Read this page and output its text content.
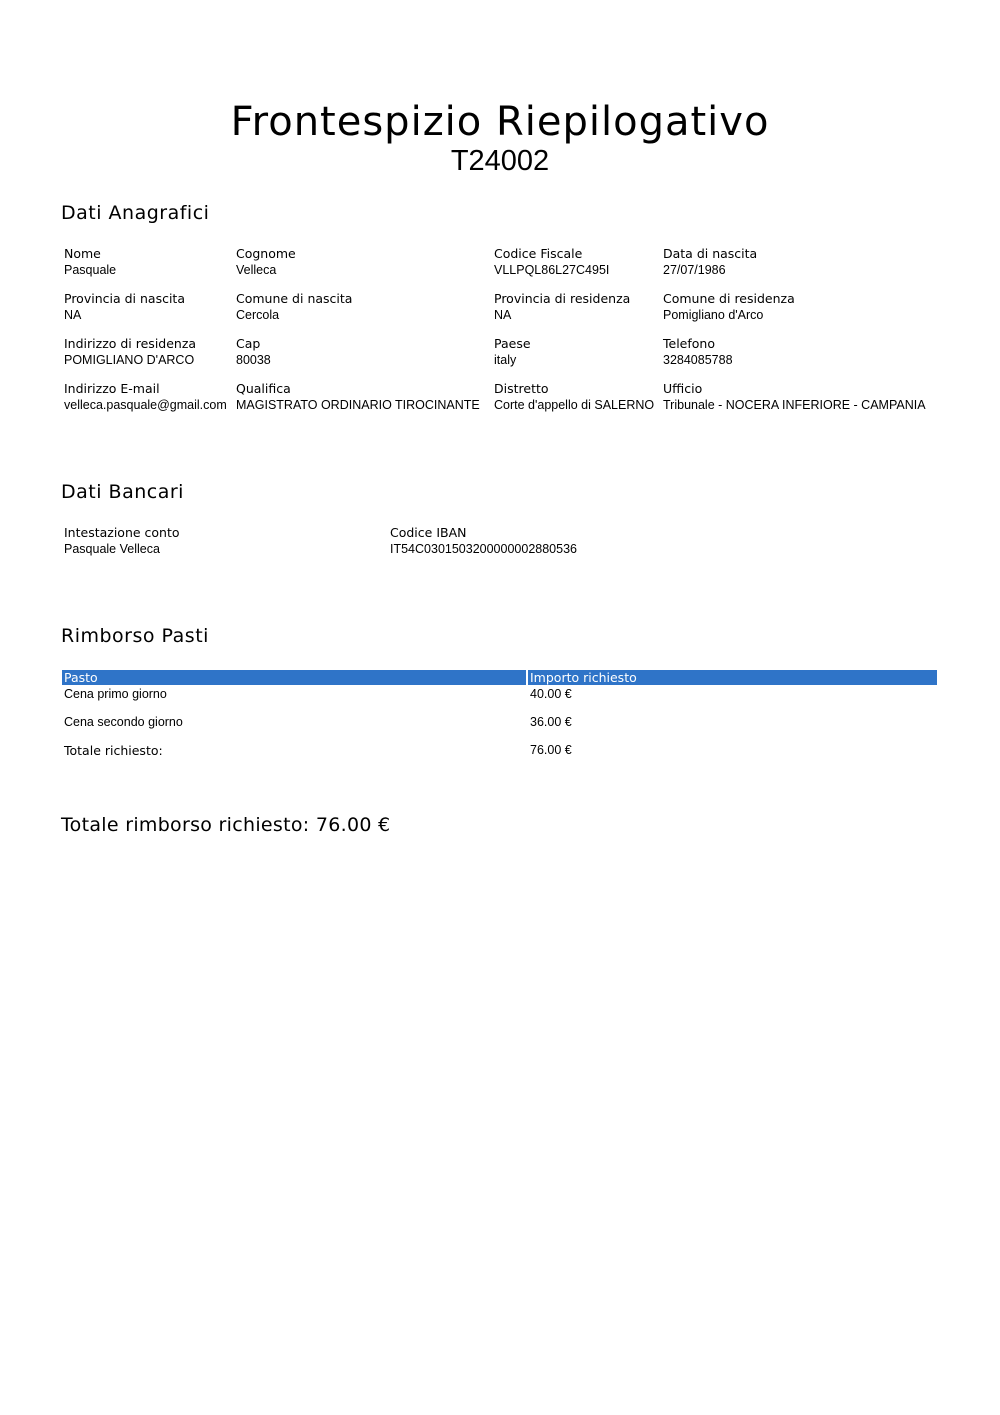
Frontespizio Riepilogativo
T24002
Dati Anagrafici
Nome
Pasquale
Cognome
Velleca
Codice Fiscale
VLLPQL86L27C495I
Data di nascita
27/07/1986
Provincia di nascita
NA
Comune di nascita
Cercola
Provincia di residenza
NA
Comune di residenza
Pomigliano d'Arco
Indirizzo di residenza
POMIGLIANO D'ARCO
Cap
80038
Paese
italy
Telefono
3284085788
Indirizzo E-mail
velleca.pasquale@gmail.com
Qualifica
MAGISTRATO ORDINARIO TIROCINANTE
Distretto
Corte d'appello di SALERNO
Ufficio
Tribunale - NOCERA INFERIORE - CAMPANIA
Dati Bancari
Intestazione conto
Pasquale Velleca
Codice IBAN
IT54C0301503200000002880536
Rimborso Pasti
Pasto	Importo richiesto
Cena primo giorno	40.00 €
Cena secondo giorno	36.00 €
Totale richiesto:	76.00 €
Totale rimborso richiesto: 76.00 €
